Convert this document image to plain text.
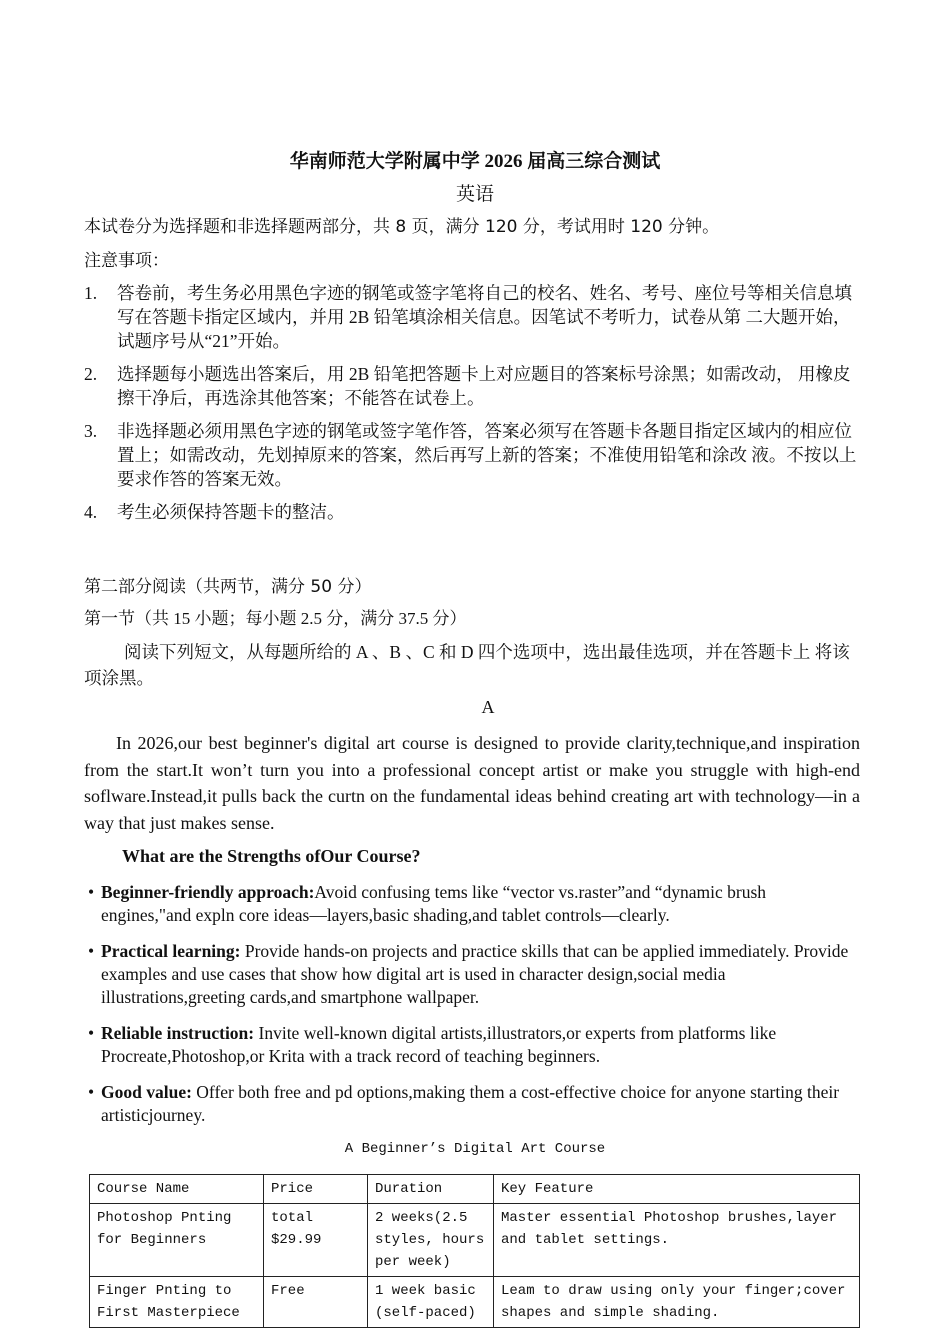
华南师范大学附属中学 2026 届高三综合测试
英语
本试卷分为选择题和非选择题两部分，共 8 页，满分 120 分，考试用时 120 分钟。
注意事项：
1. 答卷前，考生务必用黑色字迹的钢笔或签字笔将自己的校名、姓名、考号、座位号等相关信息填写在答题卡指定区域内，并用 2B 铅笔填涂相关信息。因笔试不考听力，试卷从第 二大题开始，试题序号从“21”开始。
2. 选择题每小题选出答案后，用 2B 铅笔把答题卡上对应题目的答案标号涂黑；如需改动， 用橡皮擦干净后，再选涂其他答案；不能答在试卷上。
3. 非选择题必须用黑色字迹的钢笔或签字笔作答，答案必须写在答题卡各题目指定区域内的相应位置上；如需改动，先划掉原来的答案，然后再写上新的答案；不准使用铅笔和涂改 液。不按以上要求作答的答案无效。
4. 考生必须保持答题卡的整洁。
第二部分阅读（共两节，满分 50 分）
第一节（共 15 小题；每小题 2.5 分，满分 37.5 分）
阅读下列短文，从每题所给的 A 、B 、C 和 D 四个选项中，选出最佳选项，并在答题卡上 将该项涂黑。
A
In 2026,our best beginner's digital art course is designed to provide clarity,technique,and inspiration from the start.It won’t turn you into a professional concept artist or make you struggle with high-end soflware.Instead,it pulls back the curtn on the fundamental ideas behind creating art with technology—in a way that just makes sense.
What are the Strengths ofOur Course?
• Beginner-friendly approach:Avoid confusing tems like “vector vs.raster”and “dynamic brush engines,"and expln core ideas—layers,basic shading,and tablet controls—clearly.
• Practical learning: Provide hands-on projects and practice skills that can be applied immediately. Provide examples and use cases that show how digital art is used in character design,social media illustrations,greeting cards,and smartphone wallpaper.
• Reliable instruction: Invite well-known digital artists,illustrators,or experts from platforms like Procreate,Photoshop,or Krita with a track record of teaching beginners.
• Good value: Offer both free and pd options,making them a cost-effective choice for anyone starting their artisticjourney.
A Beginner’s Digital Art Course
Course Name	Price	Duration	Key Feature
Photoshop Pnting for Beginners	total $29.99	2 weeks(2.5 styles, hours per week)	Master essential Photoshop brushes,layer and tablet settings.
Finger Pnting to First Masterpiece	Free	1 week basic (self-paced)	Leam to draw using only your finger;cover shapes and simple shading.
